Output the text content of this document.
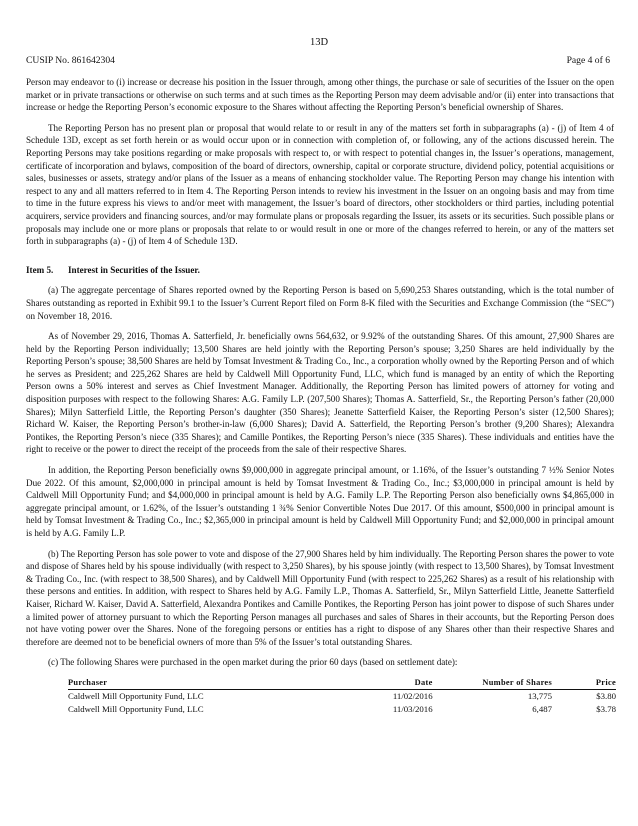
13D
CUSIP No. 861642304	Page 4 of 6

Person may endeavor to (i) increase or decrease his position in the Issuer through, among other things, the purchase or sale of securities of the Issuer on the open market or in private transactions or otherwise on such terms and at such times as the Reporting Person may deem advisable and/or (ii) enter into transactions that increase or hedge the Reporting Person’s economic exposure to the Shares without affecting the Reporting Person’s beneficial ownership of Shares.

The Reporting Person has no present plan or proposal that would relate to or result in any of the matters set forth in subparagraphs (a) - (j) of Item 4 of Schedule 13D, except as set forth herein or as would occur upon or in connection with completion of, or following, any of the actions discussed herein. The Reporting Persons may take positions regarding or make proposals with respect to, or with respect to potential changes in, the Issuer’s operations, management, certificate of incorporation and bylaws, composition of the board of directors, ownership, capital or corporate structure, dividend policy, potential acquisitions or sales, businesses or assets, strategy and/or plans of the Issuer as a means of enhancing stockholder value. The Reporting Person may change his intention with respect to any and all matters referred to in Item 4. The Reporting Person intends to review his investment in the Issuer on an ongoing basis and may from time to time in the future express his views to and/or meet with management, the Issuer’s board of directors, other stockholders or third parties, including potential acquirers, service providers and financing sources, and/or may formulate plans or proposals regarding the Issuer, its assets or its securities. Such possible plans or proposals may include one or more plans or proposals that relate to or would result in one or more of the changes referred to herein, or any of the matters set forth in subparagraphs (a) - (j) of Item 4 of Schedule 13D.

Item 5.	Interest in Securities of the Issuer.

(a) The aggregate percentage of Shares reported owned by the Reporting Person is based on 5,690,253 Shares outstanding, which is the total number of Shares outstanding as reported in Exhibit 99.1 to the Issuer’s Current Report filed on Form 8-K filed with the Securities and Exchange Commission (the “SEC”) on November 18, 2016.

As of November 29, 2016, Thomas A. Satterfield, Jr. beneficially owns 564,632, or 9.92% of the outstanding Shares. Of this amount, 27,900 Shares are held by the Reporting Person individually; 13,500 Shares are held jointly with the Reporting Person’s spouse; 3,250 Shares are held individually by the Reporting Person’s spouse; 38,500 Shares are held by Tomsat Investment & Trading Co., Inc., a corporation wholly owned by the Reporting Person and of which he serves as President; and 225,262 Shares are held by Caldwell Mill Opportunity Fund, LLC, which fund is managed by an entity of which the Reporting Person owns a 50% interest and serves as Chief Investment Manager. Additionally, the Reporting Person has limited powers of attorney for voting and disposition purposes with respect to the following Shares: A.G. Family L.P. (207,500 Shares); Thomas A. Satterfield, Sr., the Reporting Person’s father (20,000 Shares); Milyn Satterfield Little, the Reporting Person’s daughter (350 Shares); Jeanette Satterfield Kaiser, the Reporting Person’s sister (12,500 Shares); Richard W. Kaiser, the Reporting Person’s brother-in-law (6,000 Shares); David A. Satterfield, the Reporting Person’s brother (9,200 Shares); Alexandra Pontikes, the Reporting Person’s niece (335 Shares); and Camille Pontikes, the Reporting Person’s niece (335 Shares). These individuals and entities have the right to receive or the power to direct the receipt of the proceeds from the sale of their respective Shares.

In addition, the Reporting Person beneficially owns $9,000,000 in aggregate principal amount, or 1.16%, of the Issuer’s outstanding 7 ½% Senior Notes Due 2022. Of this amount, $2,000,000 in principal amount is held by Tomsat Investment & Trading Co., Inc.; $3,000,000 in principal amount is held by Caldwell Mill Opportunity Fund; and $4,000,000 in principal amount is held by A.G. Family L.P. The Reporting Person also beneficially owns $4,865,000 in aggregate principal amount, or 1.62%, of the Issuer’s outstanding 1 ¾% Senior Convertible Notes Due 2017. Of this amount, $500,000 in principal amount is held by Tomsat Investment & Trading Co., Inc.; $2,365,000 in principal amount is held by Caldwell Mill Opportunity Fund; and $2,000,000 in principal amount is held by A.G. Family L.P.

(b) The Reporting Person has sole power to vote and dispose of the 27,900 Shares held by him individually. The Reporting Person shares the power to vote and dispose of Shares held by his spouse individually (with respect to 3,250 Shares), by his spouse jointly (with respect to 13,500 Shares), by Tomsat Investment & Trading Co., Inc. (with respect to 38,500 Shares), and by Caldwell Mill Opportunity Fund (with respect to 225,262 Shares) as a result of his relationship with these persons and entities. In addition, with respect to Shares held by A.G. Family L.P., Thomas A. Satterfield, Sr., Milyn Satterfield Little, Jeanette Satterfield Kaiser, Richard W. Kaiser, David A. Satterfield, Alexandra Pontikes and Camille Pontikes, the Reporting Person has joint power to dispose of such Shares under a limited power of attorney pursuant to which the Reporting Person manages all purchases and sales of Shares in their accounts, but the Reporting Person does not have voting power over the Shares. None of the foregoing persons or entities has a right to dispose of any Shares other than their respective Shares and therefore are deemed not to be beneficial owners of more than 5% of the Issuer’s total outstanding Shares.

(c) The following Shares were purchased in the open market during the prior 60 days (based on settlement date):

Purchaser	Date	Number of Shares	Price
Caldwell Mill Opportunity Fund, LLC	11/02/2016	13,775	$3.80
Caldwell Mill Opportunity Fund, LLC	11/03/2016	6,487	$3.78
